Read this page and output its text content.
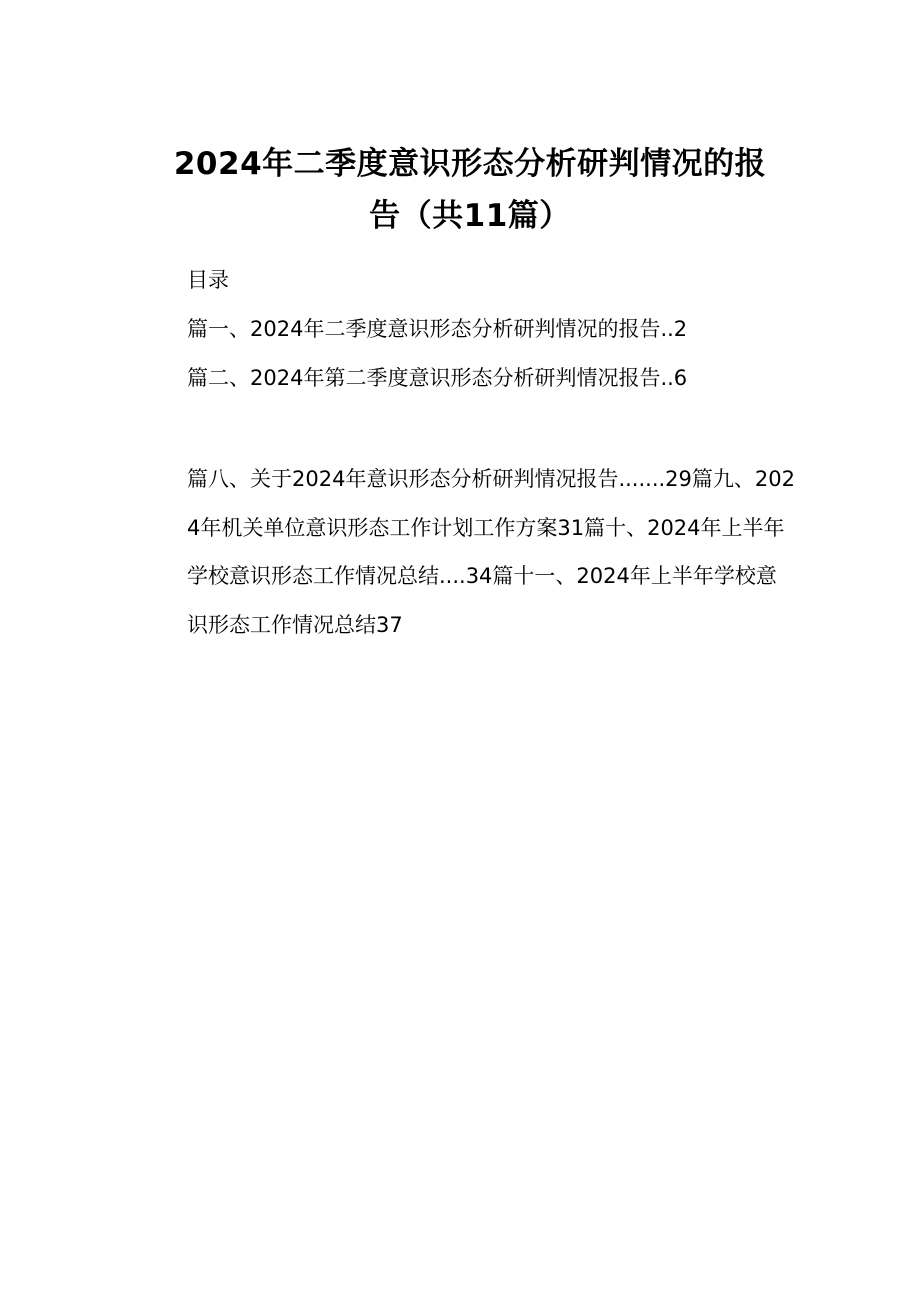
2024年二季度意识形态分析研判情况的报
告（共11篇）
目录
篇一、2024年二季度意识形态分析研判情况的报告..2
篇二、2024年第二季度意识形态分析研判情况报告..6
篇八、关于2024年意识形态分析研判情况报告.......29篇九、2024年机关单位意识形态工作计划工作方案31篇十、2024年上半年学校意识形态工作情况总结....34篇十一、2024年上半年学校意识形态工作情况总结37
